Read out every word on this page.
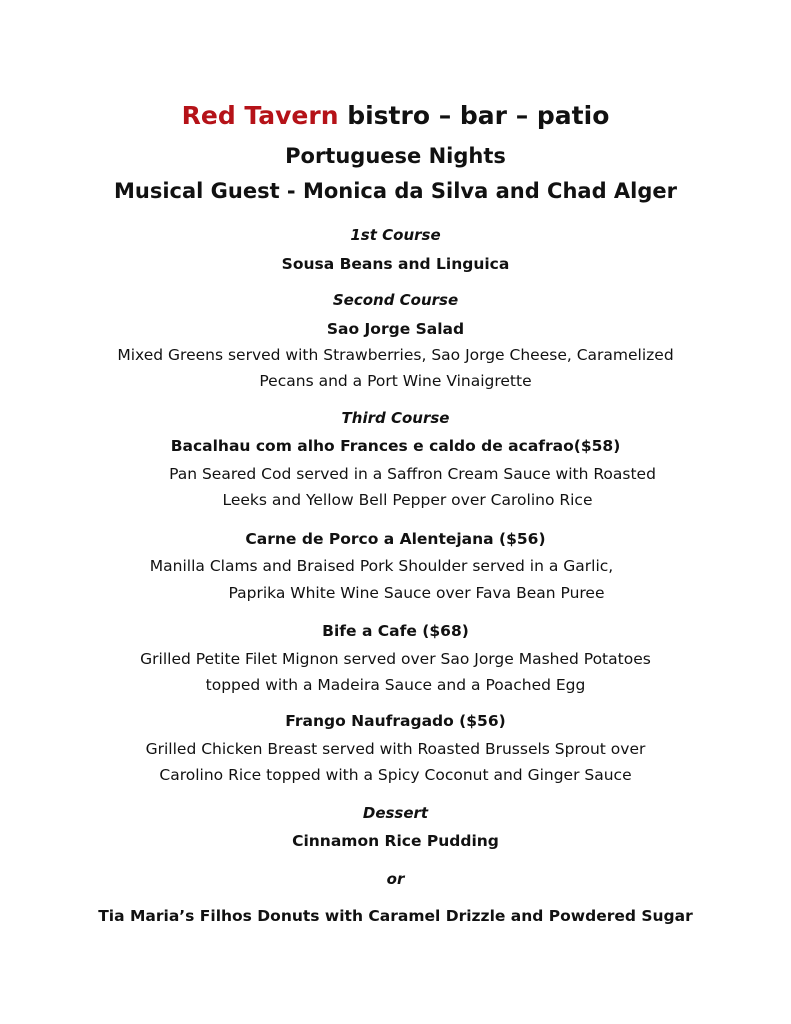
Red Tavern bistro – bar – patio
Portuguese Nights
Musical Guest - Monica da Silva and Chad Alger
1st Course
Sousa Beans and Linguica
Second Course
Sao Jorge Salad
Mixed Greens served with Strawberries, Sao Jorge Cheese, Caramelized
Pecans and a Port Wine Vinaigrette
Third Course
Bacalhau com alho Frances e caldo de acafrao($58)
Pan Seared Cod served in a Saffron Cream Sauce with Roasted
Leeks and Yellow Bell Pepper over Carolino Rice
Carne de Porco a Alentejana ($56)
Manilla Clams and Braised Pork Shoulder served in a Garlic,
Paprika White Wine Sauce over Fava Bean Puree
Bife a Cafe ($68)
Grilled Petite Filet Mignon served over Sao Jorge Mashed Potatoes
topped with a Madeira Sauce and a Poached Egg
Frango Naufragado ($56)
Grilled Chicken Breast served with Roasted Brussels Sprout over
Carolino Rice topped with a Spicy Coconut and Ginger Sauce
Dessert
Cinnamon Rice Pudding
or
Tia Maria’s Filhos Donuts with Caramel Drizzle and Powdered Sugar
